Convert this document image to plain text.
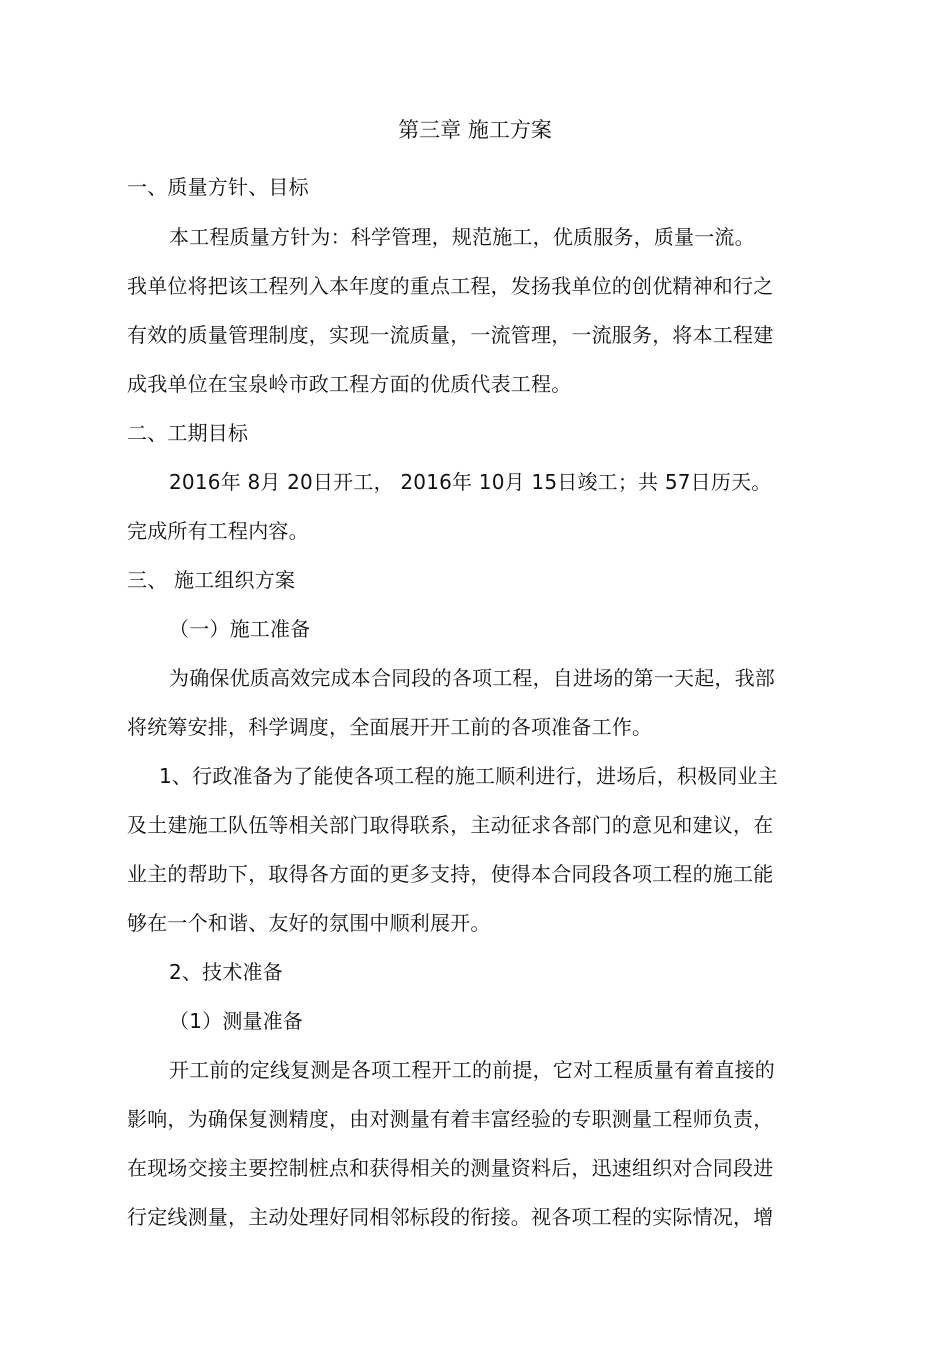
第三章 施工方案
一、质量方针、目标
本工程质量方针为：科学管理，规范施工，优质服务，质量一流。
我单位将把该工程列入本年度的重点工程，发扬我单位的创优精神和行之
有效的质量管理制度，实现一流质量，一流管理，一流服务，将本工程建
成我单位在宝泉岭市政工程方面的优质代表工程。
二、工期目标
2016年 8月 20日开工， 2016年 10月 15日竣工；共 57日历天。
完成所有工程内容。
三、 施工组织方案
（一）施工准备
为确保优质高效完成本合同段的各项工程，自进场的第一天起，我部
将统筹安排，科学调度，全面展开开工前的各项准备工作。
1、行政准备为了能使各项工程的施工顺利进行，进场后，积极同业主
及土建施工队伍等相关部门取得联系，主动征求各部门的意见和建议，在
业主的帮助下，取得各方面的更多支持，使得本合同段各项工程的施工能
够在一个和谐、友好的氛围中顺利展开。
2、技术准备
（1）测量准备
开工前的定线复测是各项工程开工的前提，它对工程质量有着直接的
影响，为确保复测精度，由对测量有着丰富经验的专职测量工程师负责，
在现场交接主要控制桩点和获得相关的测量资料后，迅速组织对合同段进
行定线测量，主动处理好同相邻标段的衔接。视各项工程的实际情况，增
